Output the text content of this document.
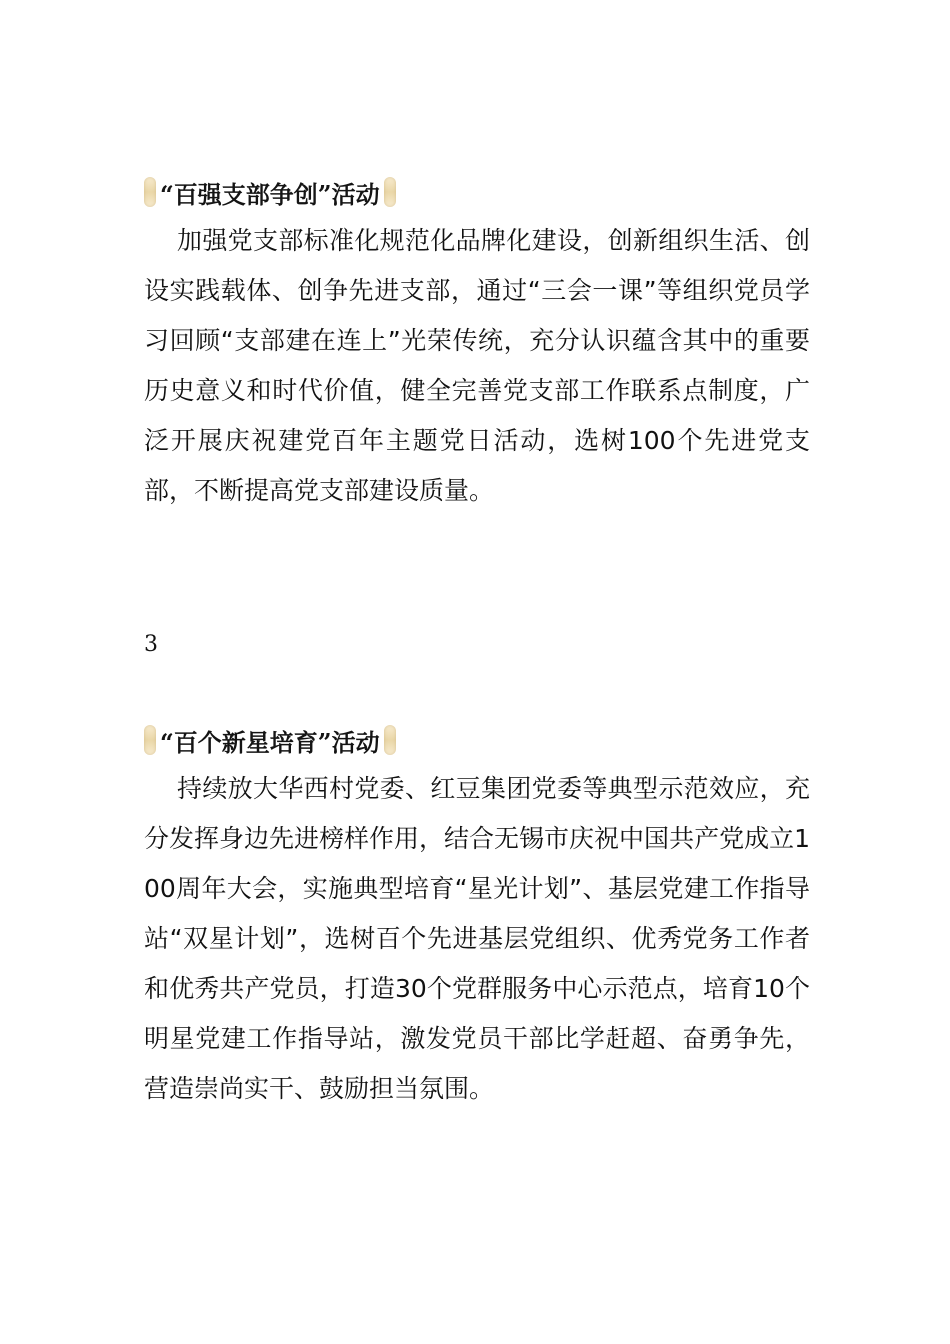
“百强支部争创”活动

加强党支部标准化规范化品牌化建设，创新组织生活、创设实践载体、创争先进支部，通过“三会一课”等组织党员学习回顾“支部建在连上”光荣传统，充分认识蕴含其中的重要历史意义和时代价值，健全完善党支部工作联系点制度，广泛开展庆祝建党百年主题党日活动，选树100个先进党支部，不断提高党支部建设质量。

3
“百个新星培育”活动

持续放大华西村党委、红豆集团党委等典型示范效应，充分发挥身边先进榜样作用，结合无锡市庆祝中国共产党成立100周年大会，实施典型培育“星光计划”、基层党建工作指导站“双星计划”，选树百个先进基层党组织、优秀党务工作者和优秀共产党员，打造30个党群服务中心示范点，培育10个明星党建工作指导站，激发党员干部比学赶超、奋勇争先，营造崇尚实干、鼓励担当氛围。
